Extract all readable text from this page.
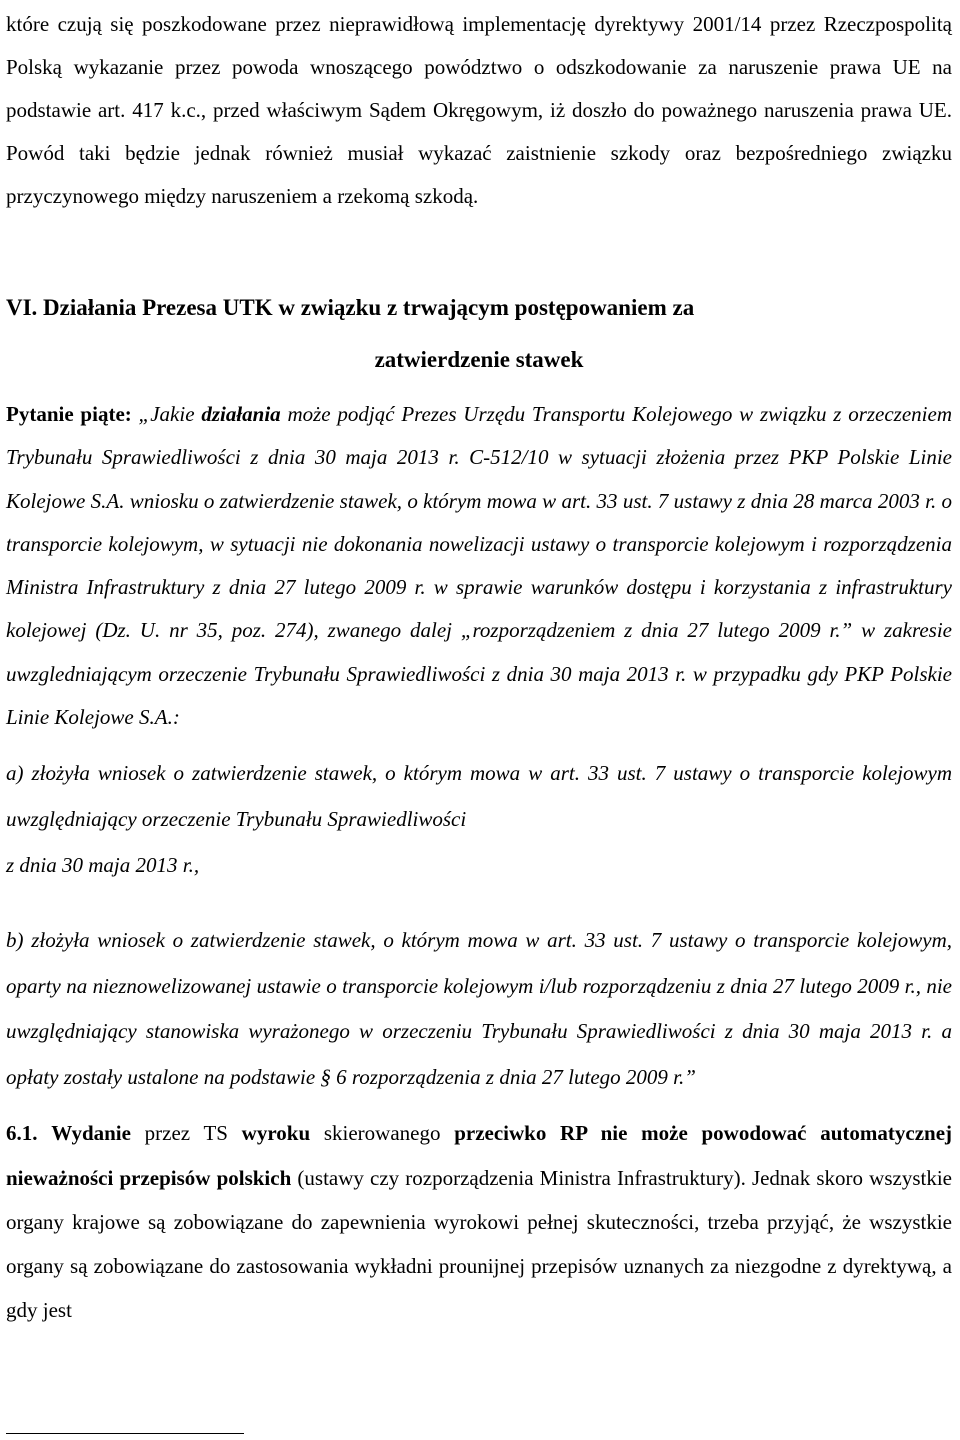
które czują się poszkodowane przez nieprawidłową implementację dyrektywy 2001/14 przez Rzeczpospolitą Polską wykazanie przez powoda wnoszącego powództwo o odszkodowanie za naruszenie prawa UE na podstawie art. 417 k.c., przed właściwym Sądem Okręgowym, iż doszło do poważnego naruszenia prawa UE. Powód taki będzie jednak również musiał wykazać zaistnienie szkody oraz bezpośredniego związku przyczynowego między naruszeniem a rzekomą szkodą.

VI. Działania Prezesa UTK w związku z trwającym postępowaniem za
zatwierdzenie stawek

Pytanie piąte: „Jakie działania może podjąć Prezes Urzędu Transportu Kolejowego w związku z orzeczeniem Trybunału Sprawiedliwości z dnia 30 maja 2013 r. C-512/10 w sytuacji złożenia przez PKP Polskie Linie Kolejowe S.A. wniosku o zatwierdzenie stawek, o którym mowa w art. 33 ust. 7 ustawy z dnia 28 marca 2003 r. o transporcie kolejowym, w sytuacji nie dokonania nowelizacji ustawy o transporcie kolejowym i rozporządzenia Ministra Infrastruktury z dnia 27 lutego 2009 r. w sprawie warunków dostępu i korzystania z infrastruktury kolejowej (Dz. U. nr 35, poz. 274), zwanego dalej „rozporządzeniem z dnia 27 lutego 2009 r.” w zakresie uwzgledniającym orzeczenie Trybunału Sprawiedliwości z dnia 30 maja 2013 r. w przypadku gdy PKP Polskie Linie Kolejowe S.A.:

a) złożyła wniosek o zatwierdzenie stawek, o którym mowa w art. 33 ust. 7 ustawy o transporcie kolejowym uwzględniający orzeczenie Trybunału Sprawiedliwości
z dnia 30 maja 2013 r.,

b) złożyła wniosek o zatwierdzenie stawek, o którym mowa w art. 33 ust. 7 ustawy o transporcie kolejowym, oparty na nieznowelizowanej ustawie o transporcie kolejowym i/lub rozporządzeniu z dnia 27 lutego 2009 r., nie uwzględniający stanowiska wyrażonego w orzeczeniu Trybunału Sprawiedliwości z dnia 30 maja 2013 r. a opłaty zostały ustalone na podstawie § 6 rozporządzenia z dnia 27 lutego 2009 r.”

6.1. Wydanie przez TS wyroku skierowanego przeciwko RP nie może powodować automatycznej nieważności przepisów polskich (ustawy czy rozporządzenia Ministra Infrastruktury). Jednak skoro wszystkie organy krajowe są zobowiązane do zapewnienia wyrokowi pełnej skuteczności, trzeba przyjąć, że wszystkie organy są zobowiązane do zastosowania wykładni prounijnej przepisów uznanych za niezgodne z dyrektywą, a gdy jest
